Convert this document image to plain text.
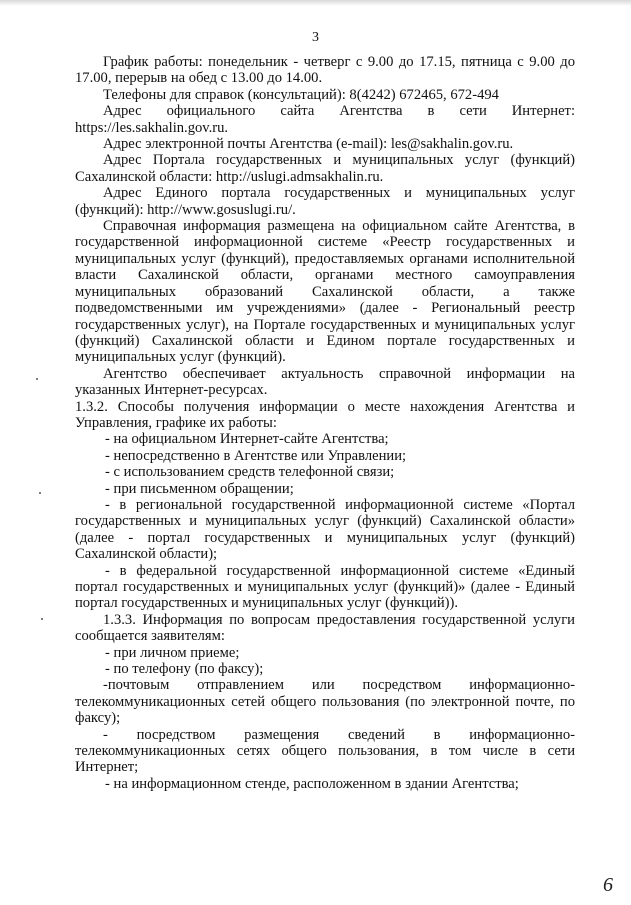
3

График работы: понедельник - четверг с 9.00 до 17.15, пятница с 9.00 до 17.00, перерыв на обед с 13.00 до 14.00.

Телефоны для справок (консультаций): 8(4242) 672465, 672-494

Адрес официального сайта Агентства в сети Интернет: https://les.sakhalin.gov.ru.

Адрес электронной почты Агентства (e-mail): les@sakhalin.gov.ru.

Адрес Портала государственных и муниципальных услуг (функций) Сахалинской области: http://uslugi.admsakhalin.ru.

Адрес Единого портала государственных и муниципальных услуг (функций): http://www.gosuslugi.ru/.

Справочная информация размещена на официальном сайте Агентства, в государственной информационной системе «Реестр государственных и муниципальных услуг (функций), предоставляемых органами исполнительной власти Сахалинской области, органами местного самоуправления муниципальных образований Сахалинской области, а также подведомственными им учреждениями» (далее - Региональный реестр государственных услуг), на Портале государственных и муниципальных услуг (функций) Сахалинской области и Едином портале государственных и муниципальных услуг (функций).

Агентство обеспечивает актуальность справочной информации на указанных Интернет-ресурсах.

1.3.2. Способы получения информации о месте нахождения Агентства и Управления, графике их работы:

- на официальном Интернет-сайте Агентства;

- непосредственно в Агентстве или Управлении;

- с использованием средств телефонной связи;

- при письменном обращении;

- в региональной государственной информационной системе «Портал государственных и муниципальных услуг (функций) Сахалинской области» (далее - портал государственных и муниципальных услуг (функций) Сахалинской области);

- в федеральной государственной информационной системе «Единый портал государственных и муниципальных услуг (функций)» (далее - Единый портал государственных и муниципальных услуг (функций)).

1.3.3. Информация по вопросам предоставления государственной услуги сообщается заявителям:

- при личном приеме;

- по телефону (по факсу);

-почтовым отправлением или посредством информационно-телекоммуникационных сетей общего пользования (по электронной почте, по факсу);

- посредством размещения сведений в информационно-телекоммуникационных сетях общего пользования, в том числе в сети Интернет;

- на информационном стенде, расположенном в здании Агентства;

6
